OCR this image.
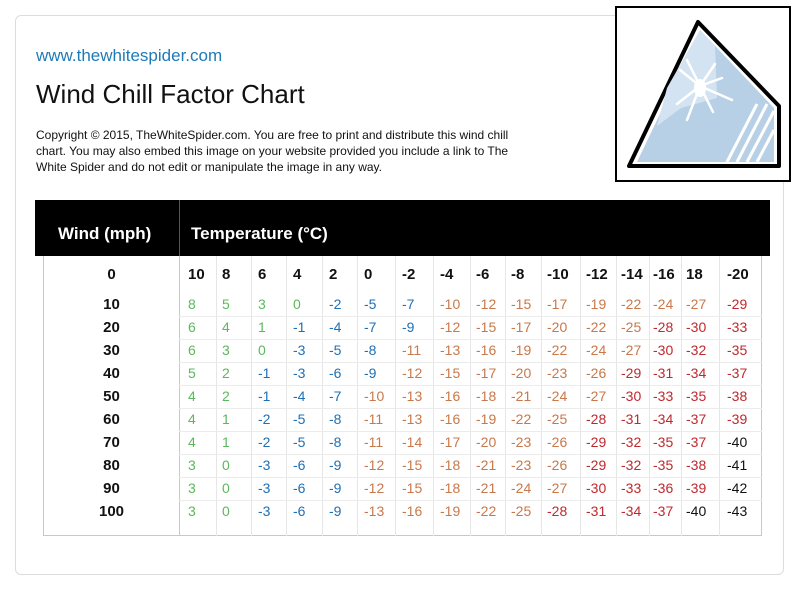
www.thewhitespider.com
Wind Chill Factor Chart
Copyright © 2015, TheWhiteSpider.com. You are free to print and distribute this wind chill chart. You may also embed this image on your website provided you include a link to The White Spider and do not edit or manipulate the image in any way.
Wind (mph) Temperature (°C)
0	10 8 6 4 2 0 -2 -4 -6 -8 -10 -12 -14 -16 18 -20
10	8 5 3 0 -2 -5 -7 -10 -12 -15 -17 -19 -22 -24 -27 -29
20	6 4 1 -1 -4 -7 -9 -12 -15 -17 -20 -22 -25 -28 -30 -33
30	6 3 0 -3 -5 -8 -11 -13 -16 -19 -22 -24 -27 -30 -32 -35
40	5 2 -1 -3 -6 -9 -12 -15 -17 -20 -23 -26 -29 -31 -34 -37
50	4 2 -1 -4 -7 -10 -13 -16 -18 -21 -24 -27 -30 -33 -35 -38
60	4 1 -2 -5 -8 -11 -13 -16 -19 -22 -25 -28 -31 -34 -37 -39
70	4 1 -2 -5 -8 -11 -14 -17 -20 -23 -26 -29 -32 -35 -37 -40
80	3 0 -3 -6 -9 -12 -15 -18 -21 -23 -26 -29 -32 -35 -38 -41
90	3 0 -3 -6 -9 -12 -15 -18 -21 -24 -27 -30 -33 -36 -39 -42
100	3 0 -3 -6 -9 -13 -16 -19 -22 -25 -28 -31 -34 -37 -40 -43
